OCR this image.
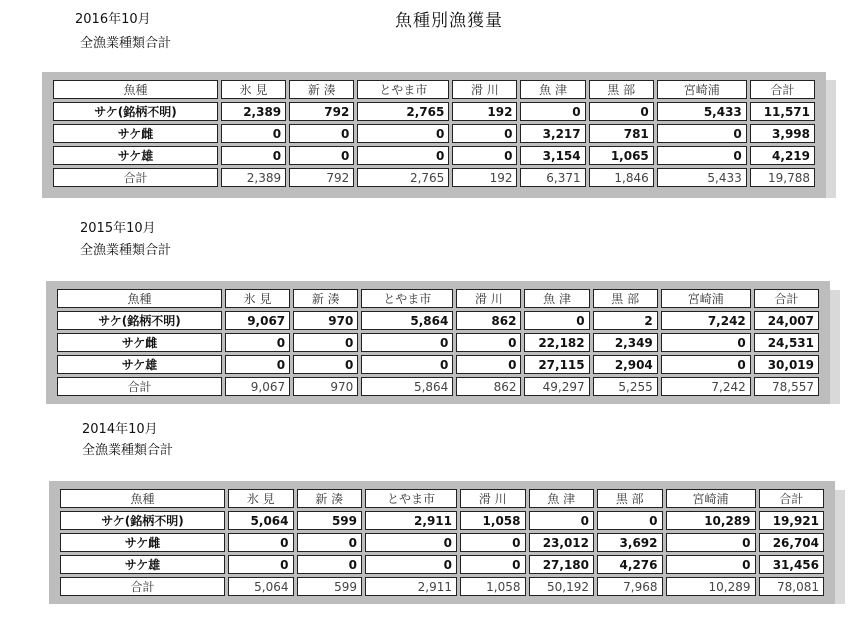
魚種別漁獲量
2016年10月
全漁業種類合計
魚種	氷 見	新 湊	とやま市	滑 川	魚 津	黒 部	宮崎浦	合計
サケ(銘柄不明)	2,389	792	2,765	192	0	0	5,433	11,571
サケ雌	0	0	0	0	3,217	781	0	3,998
サケ雄	0	0	0	0	3,154	1,065	0	4,219
合計	2,389	792	2,765	192	6,371	1,846	5,433	19,788
2015年10月
全漁業種類合計
魚種	氷 見	新 湊	とやま市	滑 川	魚 津	黒 部	宮崎浦	合計
サケ(銘柄不明)	9,067	970	5,864	862	0	2	7,242	24,007
サケ雌	0	0	0	0	22,182	2,349	0	24,531
サケ雄	0	0	0	0	27,115	2,904	0	30,019
合計	9,067	970	5,864	862	49,297	5,255	7,242	78,557
2014年10月
全漁業種類合計
魚種	氷 見	新 湊	とやま市	滑 川	魚 津	黒 部	宮崎浦	合計
サケ(銘柄不明)	5,064	599	2,911	1,058	0	0	10,289	19,921
サケ雌	0	0	0	0	23,012	3,692	0	26,704
サケ雄	0	0	0	0	27,180	4,276	0	31,456
合計	5,064	599	2,911	1,058	50,192	7,968	10,289	78,081
